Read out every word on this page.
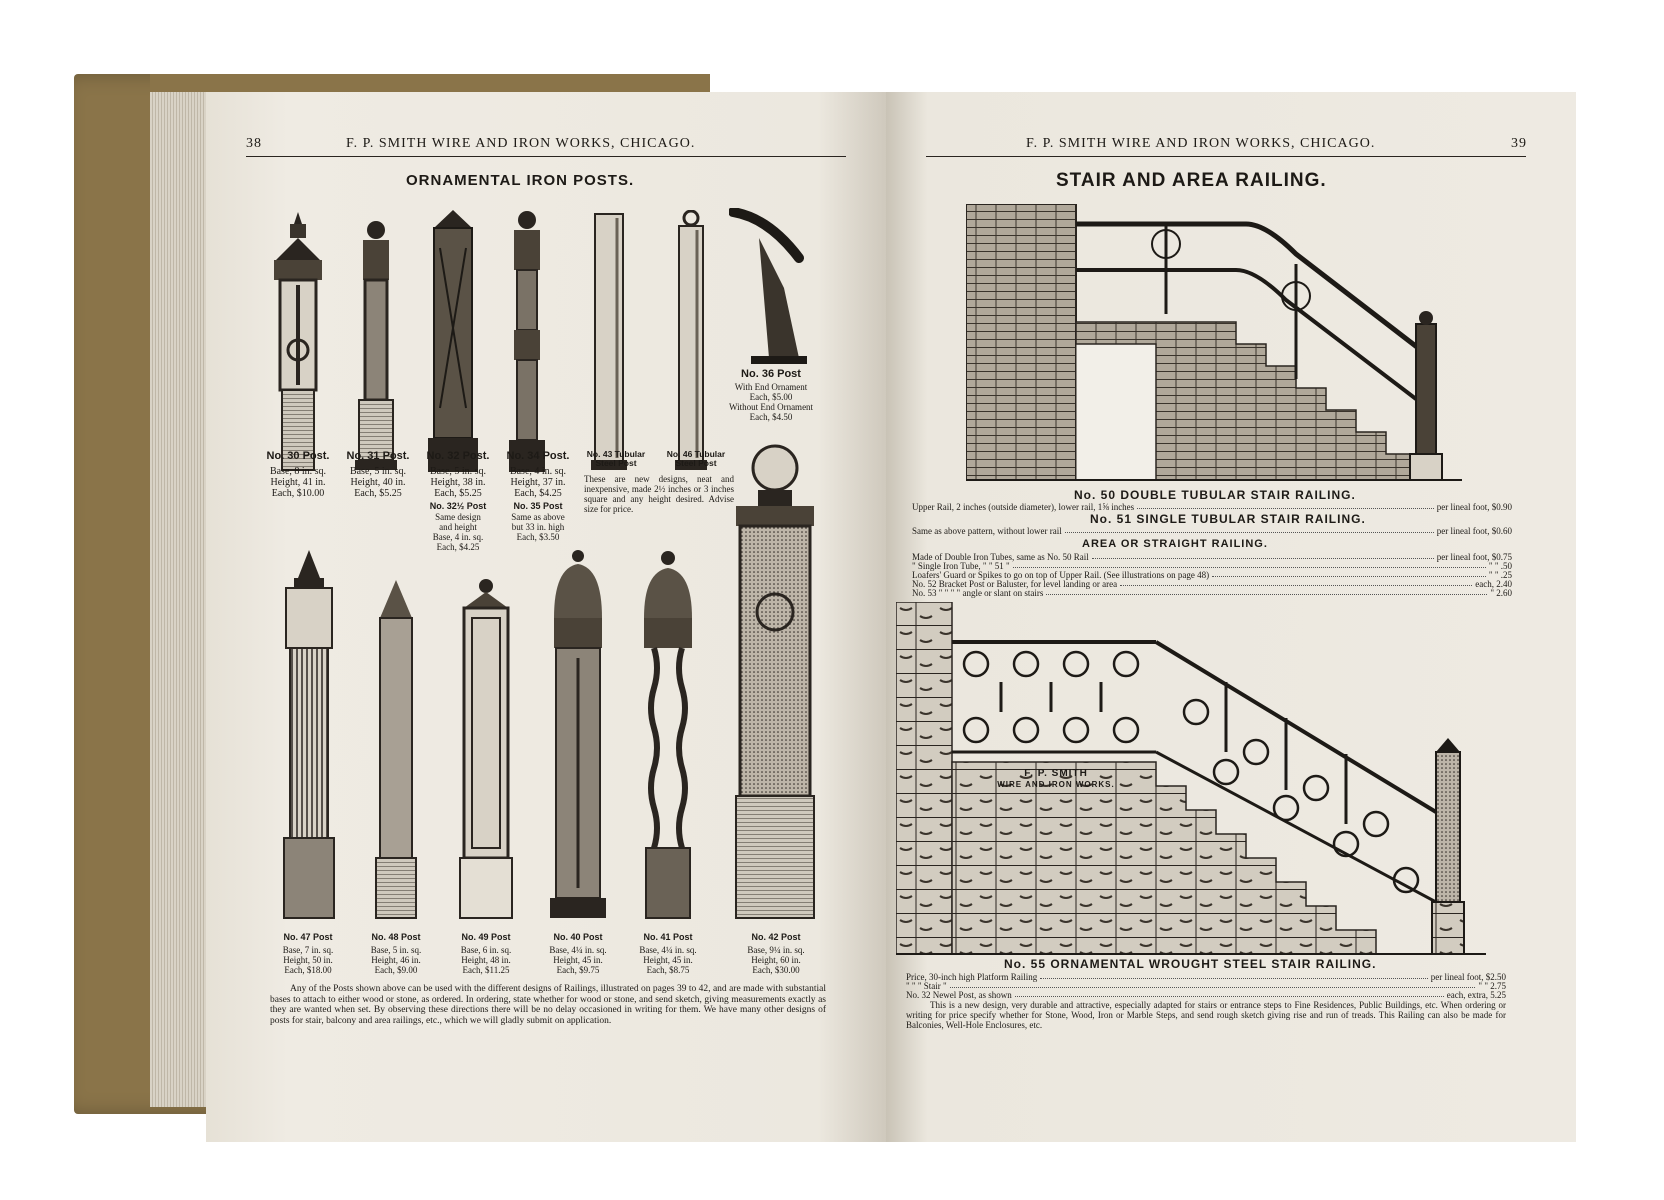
38	F. P. SMITH WIRE AND IRON WORKS, CHICAGO.
ORNAMENTAL IRON POSTS.
No. 30 Post.
Base, 8 in. sq.
Height, 41 in.
Each, $10.00
No. 31 Post.
Base, 5 in. sq.
Height, 40 in.
Each, $5.25
No. 32 Post.
Base, 5 in. sq.
Height, 38 in.
Each, $5.25
No. 32½ Post
Same design
and height
Base, 4 in. sq.
Each, $4.25
No. 34 Post.
Base, 4 in. sq.
Height, 37 in.
Each, $4.25
No. 35 Post
Same as above
but 33 in. high
Each, $3.50
No. 43 Tubular
Steel Post
No. 46 Tubular
Steel Post
These are new designs, neat and inexpensive, made 2½ inches or 3 inches square and any height desired. Advise size for price.
No. 36 Post
With End Ornament
Each, $5.00
Without End Ornament
Each, $4.50
No. 47 Post
Base, 7 in. sq.
Height, 50 in.
Each, $18.00
No. 48 Post
Base, 5 in. sq.
Height, 46 in.
Each, $9.00
No. 49 Post
Base, 6 in. sq.
Height, 48 in.
Each, $11.25
No. 40 Post
Base, 4¼ in. sq.
Height, 45 in.
Each, $9.75
No. 41 Post
Base, 4¼ in. sq.
Height, 45 in.
Each, $8.75
No. 42 Post
Base, 9¼ in. sq.
Height, 60 in.
Each, $30.00
Any of the Posts shown above can be used with the different designs of Railings, illustrated on pages 39 to 42, and are made with substantial bases to attach to either wood or stone, as ordered. In ordering, state whether for wood or stone, and send sketch, giving measurements exactly as they are wanted when set. By observing these directions there will be no delay occasioned in writing for them. We have many other designs of posts for stair, balcony and area railings, etc., which we will gladly submit on application.
F. P. SMITH WIRE AND IRON WORKS, CHICAGO.	39
STAIR AND AREA RAILING.
No. 50 DOUBLE TUBULAR STAIR RAILING.
Upper Rail, 2 inches (outside diameter), lower rail, 1⅝ inches	per lineal foot, $0.90
No. 51 SINGLE TUBULAR STAIR RAILING.
Same as above pattern, without lower rail	per lineal foot, $0.60
AREA OR STRAIGHT RAILING.
Made of Double Iron Tubes, same as No. 50 Rail	per lineal foot, $0.75
" Single Iron Tube, " " 51 "	" " .50
Loafers' Guard or Spikes to go on top of Upper Rail. (See illustrations on page 48)	" " .25
No. 52 Bracket Post or Baluster, for level landing or area	each, 2.40
No. 53 " " " " angle or slant on stairs	" 2.60
F. P. SMITH
WIRE AND IRON WORKS.
No. 55 ORNAMENTAL WROUGHT STEEL STAIR RAILING.
Price, 30-inch high Platform Railing	per lineal foot, $2.50
" " " Stair "	" " 2.75
No. 32 Newel Post, as shown	each, extra, 5.25
This is a new design, very durable and attractive, especially adapted for stairs or entrance steps to Fine Residences, Public Buildings, etc. When ordering or writing for price specify whether for Stone, Wood, Iron or Marble Steps, and send rough sketch giving rise and run of treads. This Railing can also be made for Balconies, Well-Hole Enclosures, etc.
